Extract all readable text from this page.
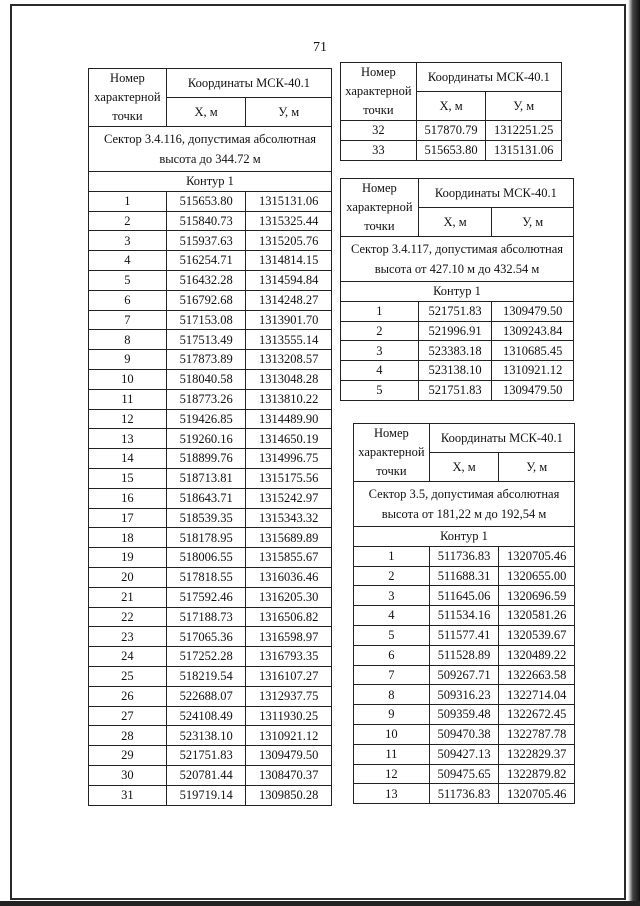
71
Номер характерной точки	Координаты МСК-40.1	
	X, м	У, м
Сектор 3.4.116, допустимая абсолютная высота до 344.72 м		
Контур 1		
1	515653.80	1315131.06
2	515840.73	1315325.44
3	515937.63	1315205.76
4	516254.71	1314814.15
5	516432.28	1314594.84
6	516792.68	1314248.27
7	517153.08	1313901.70
8	517513.49	1313555.14
9	517873.89	1313208.57
10	518040.58	1313048.28
11	518773.26	1313810.22
12	519426.85	1314489.90
13	519260.16	1314650.19
14	518899.76	1314996.75
15	518713.81	1315175.56
16	518643.71	1315242.97
17	518539.35	1315343.32
18	518178.95	1315689.89
19	518006.55	1315855.67
20	517818.55	1316036.46
21	517592.46	1316205.30
22	517188.73	1316506.82
23	517065.36	1316598.97
24	517252.28	1316793.35
25	518219.54	1316107.27
26	522688.07	1312937.75
27	524108.49	1311930.25
28	523138.10	1310921.12
29	521751.83	1309479.50
30	520781.44	1308470.37
31	519719.14	1309850.28
Номер характерной точки	Координаты МСК-40.1	
	X, м	У, м
32	517870.79	1312251.25
33	515653.80	1315131.06
Номер характерной точки	Координаты МСК-40.1	
	X, м	У, м
Сектор 3.4.117, допустимая абсолютная высота от 427.10 м до 432.54 м		
Контур 1		
1	521751.83	1309479.50
2	521996.91	1309243.84
3	523383.18	1310685.45
4	523138.10	1310921.12
5	521751.83	1309479.50
Номер характерной точки	Координаты МСК-40.1	
	X, м	У, м
Сектор 3.5, допустимая абсолютная высота от 181,22 м до 192,54 м		
Контур 1		
1	511736.83	1320705.46
2	511688.31	1320655.00
3	511645.06	1320696.59
4	511534.16	1320581.26
5	511577.41	1320539.67
6	511528.89	1320489.22
7	509267.71	1322663.58
8	509316.23	1322714.04
9	509359.48	1322672.45
10	509470.38	1322787.78
11	509427.13	1322829.37
12	509475.65	1322879.82
13	511736.83	1320705.46
